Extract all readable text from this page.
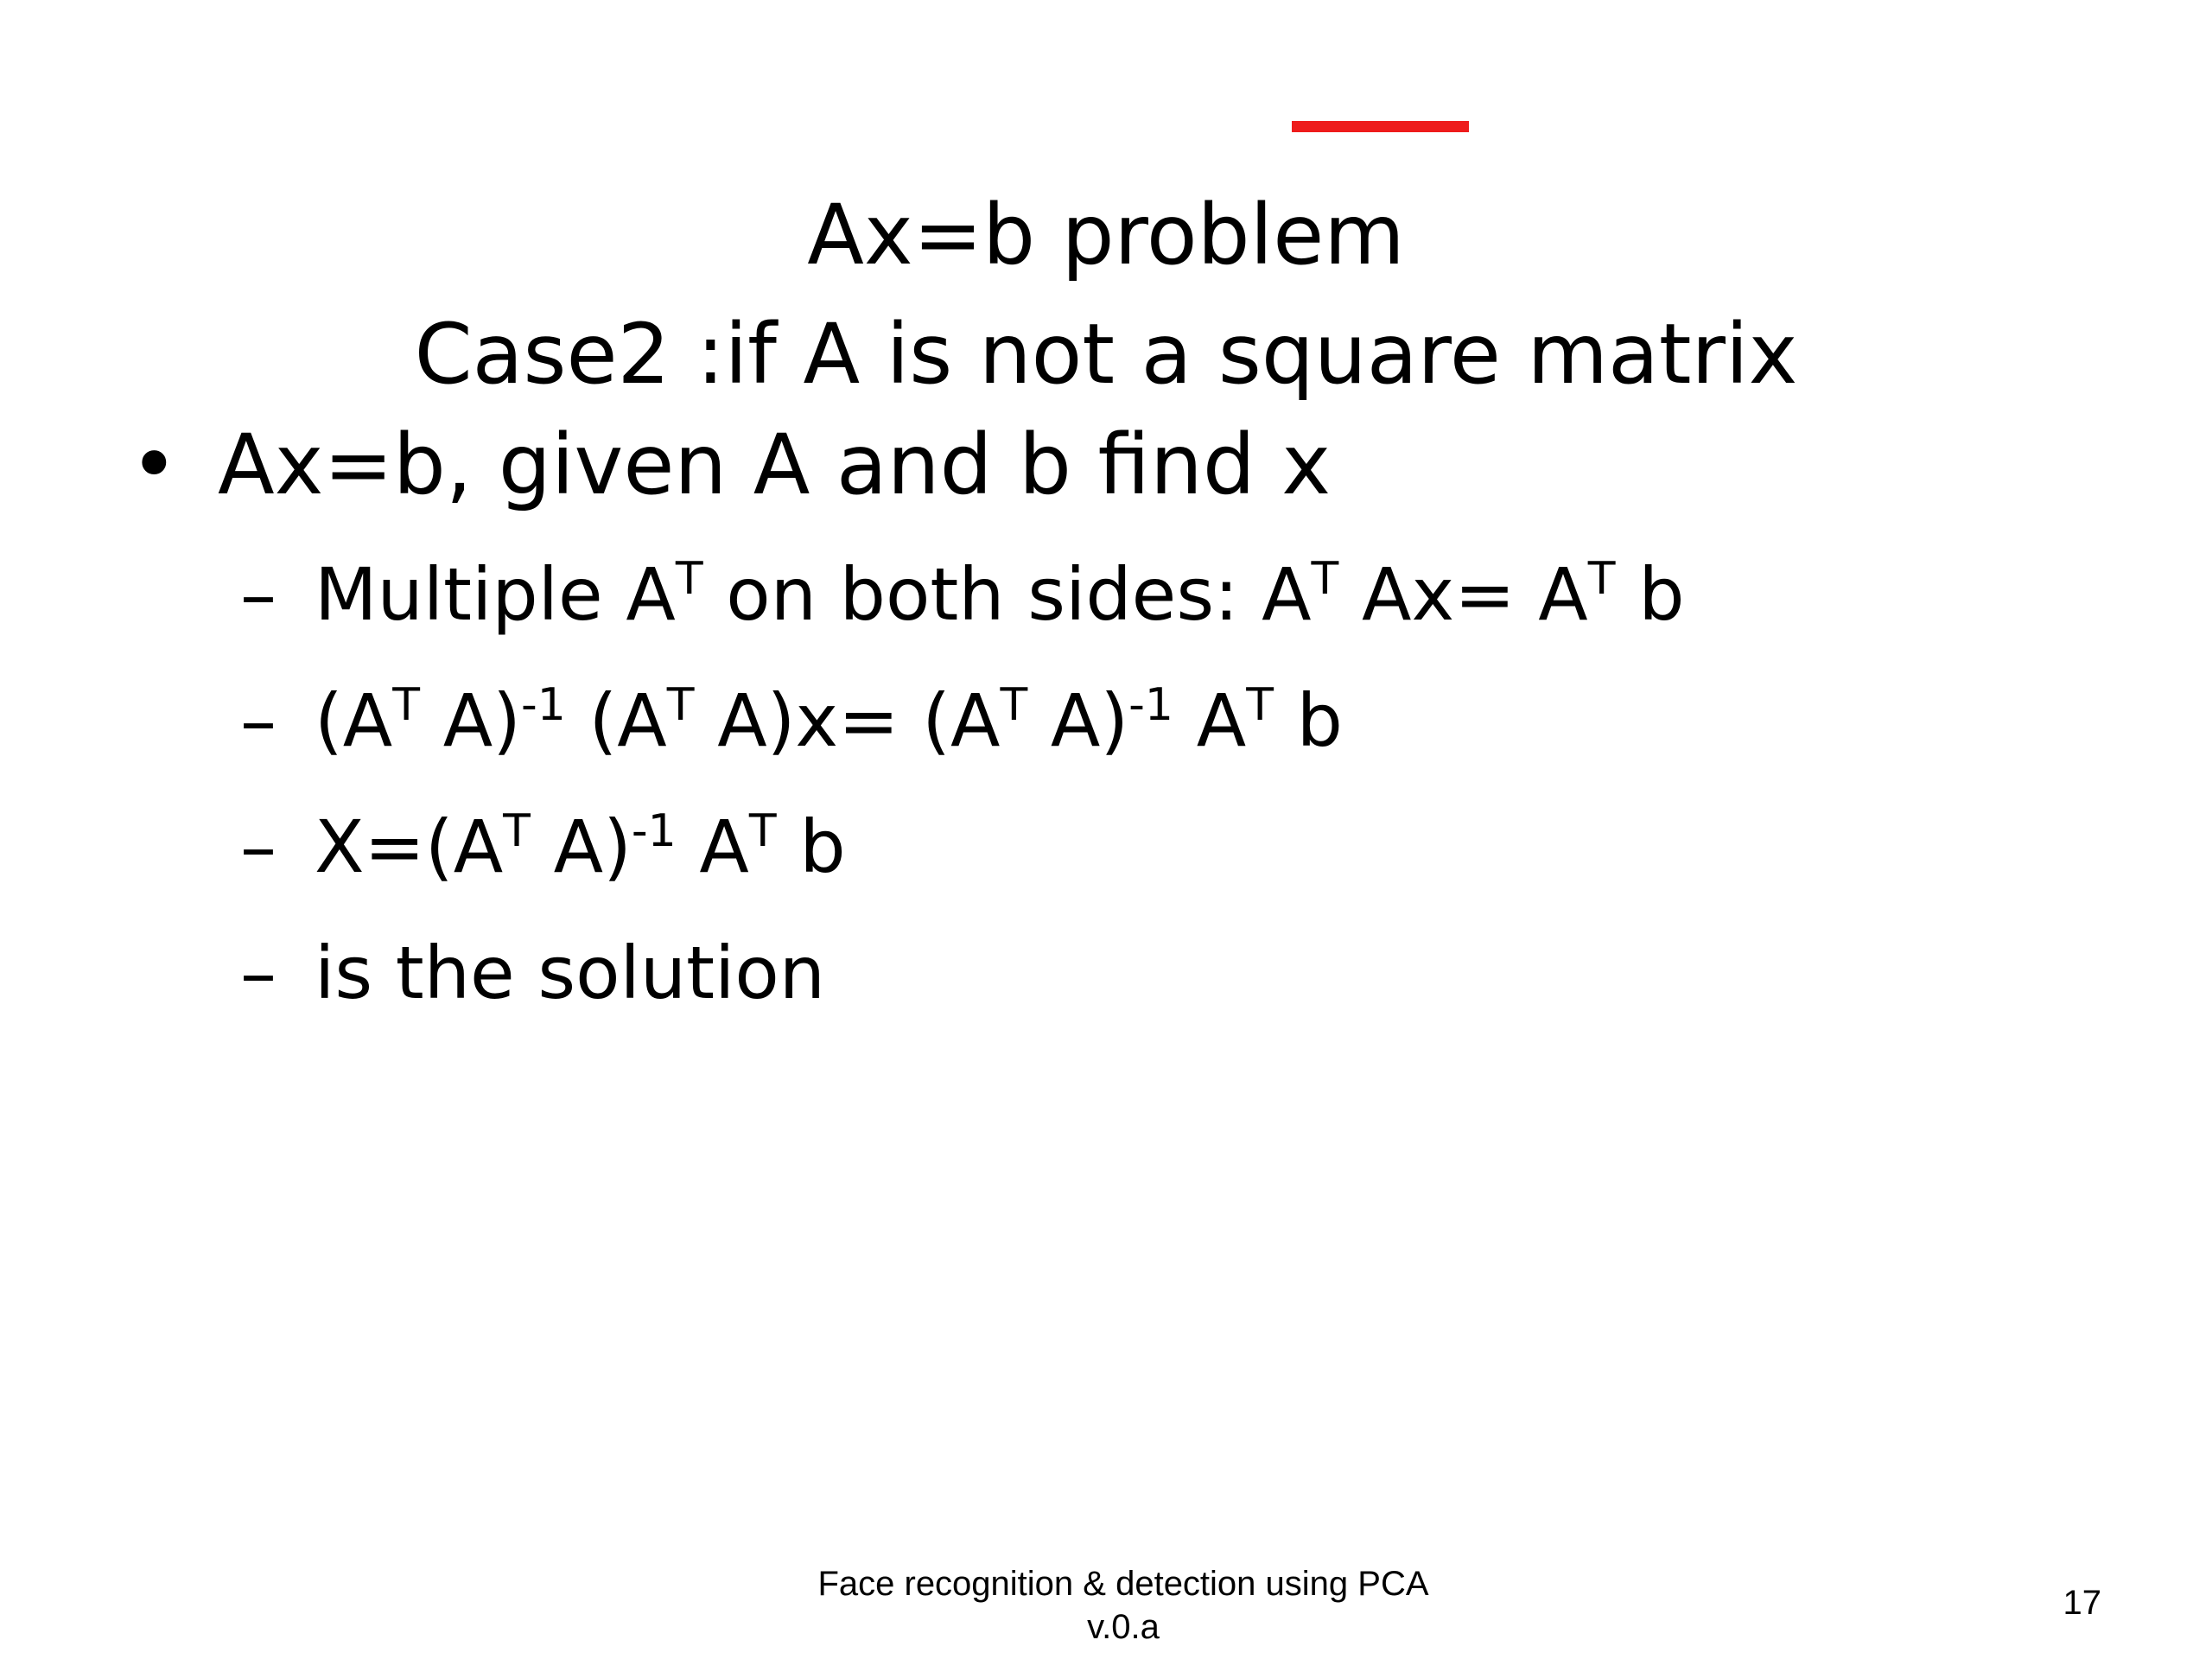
Ax=b problem
Case2 :if A is not a square matrix
• Ax=b, given A and b find x
– Multiple $A^T$ on both sides: $A^T$ $Ax= A^T$ b
– ($A^T$ A)$^{-1}$ ($A^T$ $A)x= (A^T$ A)$^{-1}$ $A^T$ b
– $X=(A^T$ A)$^{-1}$ $A^T$ b
– is the solution
Face recognition & detection using PCA
v.0.a
17
